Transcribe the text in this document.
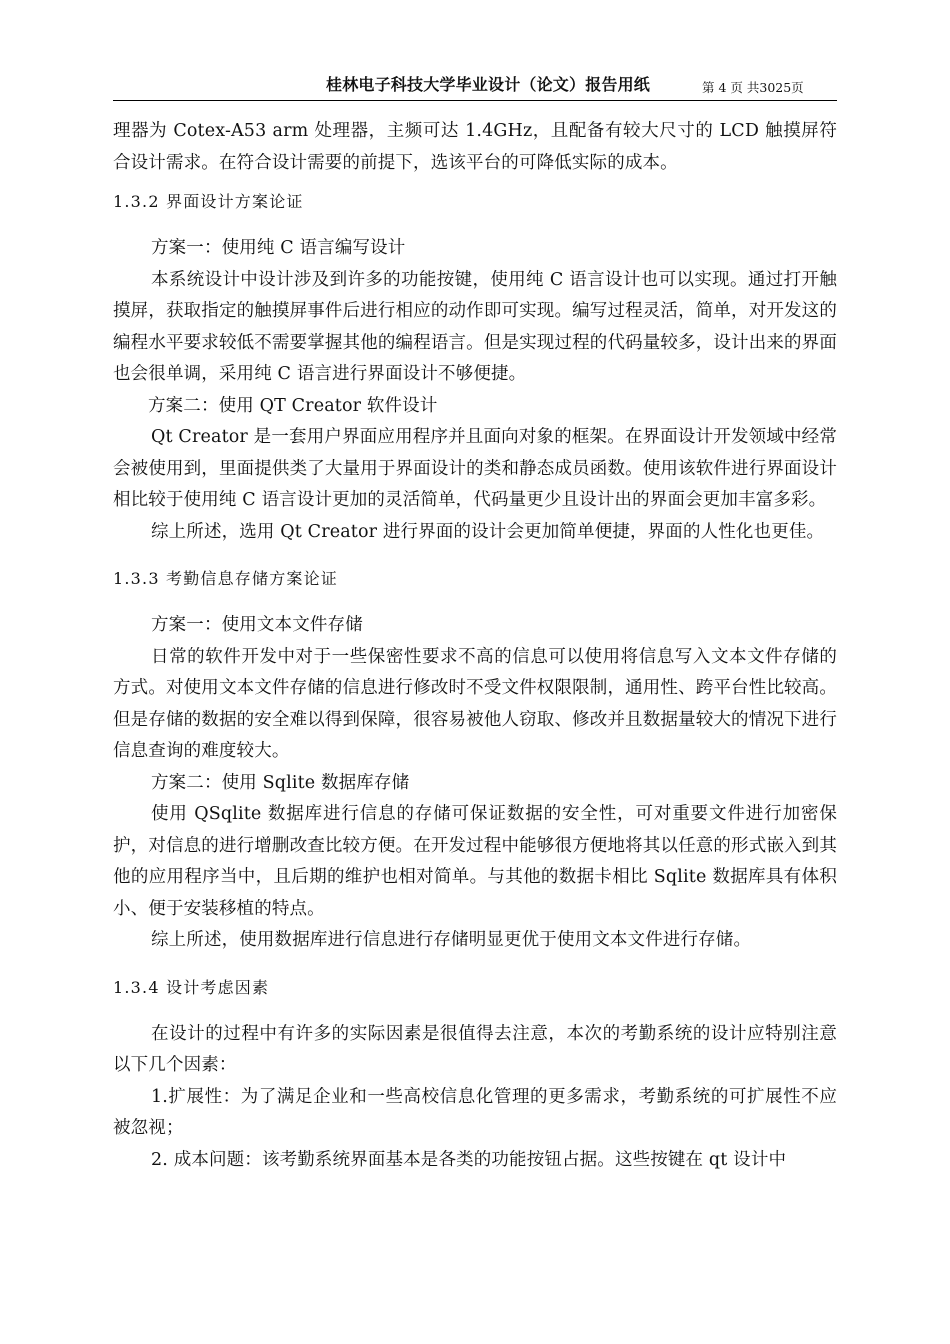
桂林电子科技大学毕业设计（论文）报告用纸	第 4 页 共3025页

理器为 Cotex-A53 arm 处理器，主频可达 1.4GHz，且配备有较大尺寸的 LCD 触摸屏符合设计需求。在符合设计需要的前提下，选该平台的可降低实际的成本。

1.3.2 界面设计方案论证

方案一：使用纯 C 语言编写设计

本系统设计中设计涉及到许多的功能按键，使用纯 C 语言设计也可以实现。通过打开触摸屏，获取指定的触摸屏事件后进行相应的动作即可实现。编写过程灵活，简单，对开发这的编程水平要求较低不需要掌握其他的编程语言。但是实现过程的代码量较多，设计出来的界面也会很单调，采用纯 C 语言进行界面设计不够便捷。

方案二：使用 QT Creator 软件设计

Qt Creator 是一套用户界面应用程序并且面向对象的框架。在界面设计开发领域中经常会被使用到，里面提供类了大量用于界面设计的类和静态成员函数。使用该软件进行界面设计相比较于使用纯 C 语言设计更加的灵活简单，代码量更少且设计出的界面会更加丰富多彩。

综上所述，选用 Qt Creator 进行界面的设计会更加简单便捷，界面的人性化也更佳。

1.3.3 考勤信息存储方案论证

方案一：使用文本文件存储

日常的软件开发中对于一些保密性要求不高的信息可以使用将信息写入文本文件存储的方式。对使用文本文件存储的信息进行修改时不受文件权限限制，通用性、跨平台性比较高。但是存储的数据的安全难以得到保障，很容易被他人窃取、修改并且数据量较大的情况下进行信息查询的难度较大。

方案二：使用 Sqlite 数据库存储

使用 QSqlite 数据库进行信息的存储可保证数据的安全性，可对重要文件进行加密保护，对信息的进行增删改查比较方便。在开发过程中能够很方便地将其以任意的形式嵌入到其他的应用程序当中，且后期的维护也相对简单。与其他的数据卡相比 Sqlite 数据库具有体积小、便于安装移植的特点。

综上所述，使用数据库进行信息进行存储明显更优于使用文本文件进行存储。

1.3.4 设计考虑因素

在设计的过程中有许多的实际因素是很值得去注意，本次的考勤系统的设计应特别注意以下几个因素：

1.扩展性：为了满足企业和一些高校信息化管理的更多需求，考勤系统的可扩展性不应被忽视；

2. 成本问题：该考勤系统界面基本是各类的功能按钮占据。这些按键在 qt 设计中
